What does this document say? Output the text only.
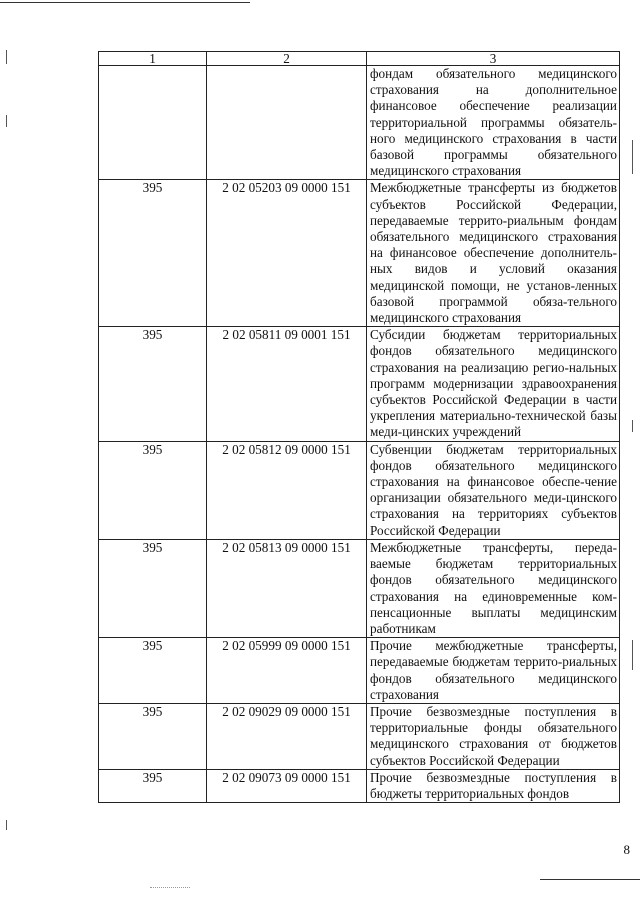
1	2	3
		фондам обязательного медицинского страхования на дополнительное финансовое обеспечение реализации территориальной программы обязатель-ного медицинского страхования в части базовой программы обязательного медицинского страхования
395	2 02 05203 09 0000 151	Межбюджетные трансферты из бюджетов субъектов Российской Федерации, передаваемые террито-риальным фондам обязательного медицинского страхования на финансовое обеспечение дополнитель-ных видов и условий оказания медицинской помощи, не установ-ленных базовой программой обяза-тельного медицинского страхования
395	2 02 05811 09 0001 151	Субсидии бюджетам территориальных фондов обязательного медицинского страхования на реализацию регио-нальных программ модернизации здравоохранения субъектов Российской Федерации в части укрепления материально-технической базы меди-цинских учреждений
395	2 02 05812 09 0000 151	Субвенции бюджетам территориальных фондов обязательного медицинского страхования на финансовое обеспе-чение организации обязательного меди-цинского страхования на территориях субъектов Российской Федерации
395	2 02 05813 09 0000 151	Межбюджетные трансферты, переда-ваемые бюджетам территориальных фондов обязательного медицинского страхования на единовременные ком-пенсационные выплаты медицинским работникам
395	2 02 05999 09 0000 151	Прочие межбюджетные трансферты, передаваемые бюджетам террито-риальных фондов обязательного медицинского страхования
395	2 02 09029 09 0000 151	Прочие безвозмездные поступления в территориальные фонды обязательного медицинского страхования от бюджетов субъектов Российской Федерации
395	2 02 09073 09 0000 151	Прочие безвозмездные поступления в бюджеты территориальных фондов
8
